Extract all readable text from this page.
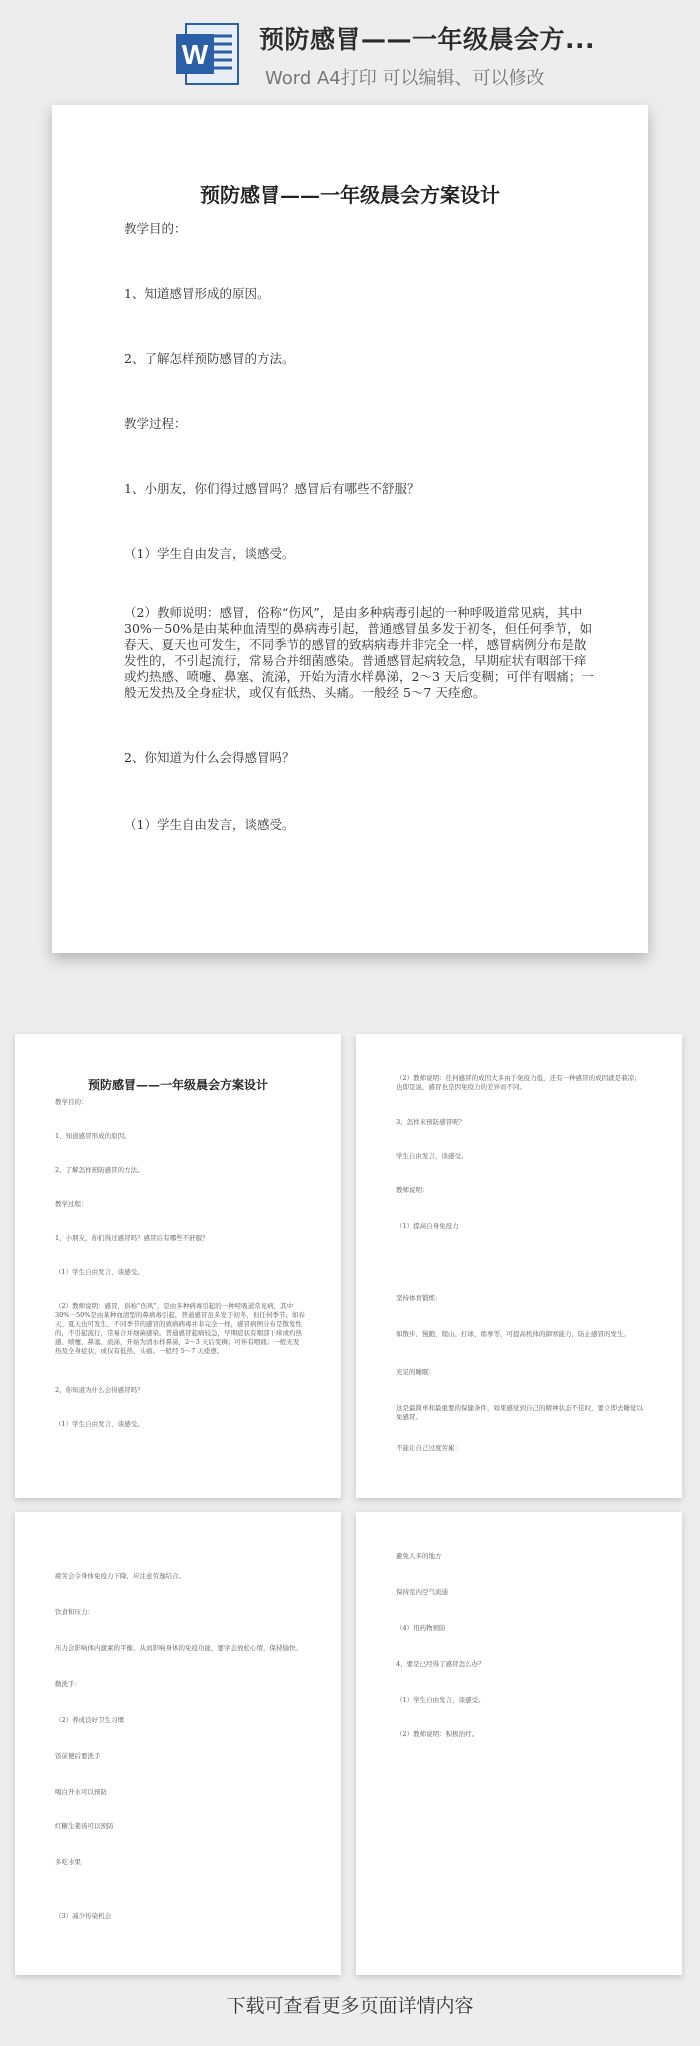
W 预防感冒——一年级晨会方...
Word A4打印 可以编辑、可以修改
预防感冒——一年级晨会方案设计
教学目的：
1、知道感冒形成的原因。
2、了解怎样预防感冒的方法。
教学过程：
1、小朋友，你们得过感冒吗？感冒后有哪些不舒服？
（1）学生自由发言，谈感受。
（2）教师说明：感冒，俗称“伤风”，是由多种病毒引起的一种呼吸道常见病，其中 30%－50%是由某种血清型的鼻病毒引起，普通感冒虽多发于初冬，但任何季节，如春天、夏天也可发生，不同季节的感冒的致病病毒并非完全一样，感冒病例分布是散发性的，不引起流行，常易合并细菌感染。普通感冒起病较急，早期症状有咽部干痒或灼热感、喷嚏、鼻塞、流涕，开始为清水样鼻涕，2～3 天后变稠；可伴有咽痛；一般无发热及全身症状，或仅有低热、头痛。一般经 5～7 天痊愈。
2、你知道为什么会得感冒吗？
（1）学生自由发言，谈感受。
预防感冒——一年级晨会方案设计
教学目的：
1、知道感冒形成的原因。
2、了解怎样预防感冒的方法。
教学过程：
1、小朋友，你们得过感冒吗？感冒后有哪些不舒服？
（1）学生自由发言，谈感受。
（2）教师说明：感冒，俗称“伤风”，是由多种病毒引起的一种呼吸道常见病，其中 30%－50%是由某种血清型的鼻病毒引起，普通感冒虽多发于初冬，但任何季节，如春天、夏天也可发生，不同季节的感冒的致病病毒并非完全一样，感冒病例分布是散发性的，不引起流行，常易合并细菌感染。普通感冒起病较急，早期症状有咽部干痒或灼热感、喷嚏、鼻塞、流涕，开始为清水样鼻涕，2～3 天后变稠；可伴有咽痛；一般无发热及全身症状，或仅有低热、头痛。一般经 5～7 天痊愈。
2、你知道为什么会得感冒吗？
（1）学生自由发言，谈感受。
（2）教师说明：任何感冒的成因大多由于免疫力低，还有一种感冒的成因就是着凉；也即是说，感冒也是因免疫力的差异而不同。
3、怎样来预防感冒呢？
学生自由发言，谈感受。
教师说明：
（1）提高自身免疫力
坚持体育锻炼：
如散步、慢跑、爬山、打球、练拳等，可提高机体的御寒能力，防止感冒的发生。
充足的睡眠：
这是最简单和最重要的保健条件，如果感觉到自己的精神状态不佳时，要立即去睡觉以免感冒。
不能让自己过度劳累：
疲劳会令身体免疫力下降，应注意劳逸结合。
饮食和压力：
压力会影响体内激素的平衡，从而影响身体的免疫功能，要学会放松心情，保持愉快。
勤洗手：
（2）养成良好卫生习惯
饭前便后要洗手
喝白开水可以预防
红糖生姜汤可以预防
多吃水果
（3）减少传染机会
避免人多的地方
保持室内空气流通
（4）用药物预防
4、要是已经得了感冒怎么办？
（1）学生自由发言，谈感受。
（2）教师说明：积极治疗。
下载可查看更多页面详情内容
